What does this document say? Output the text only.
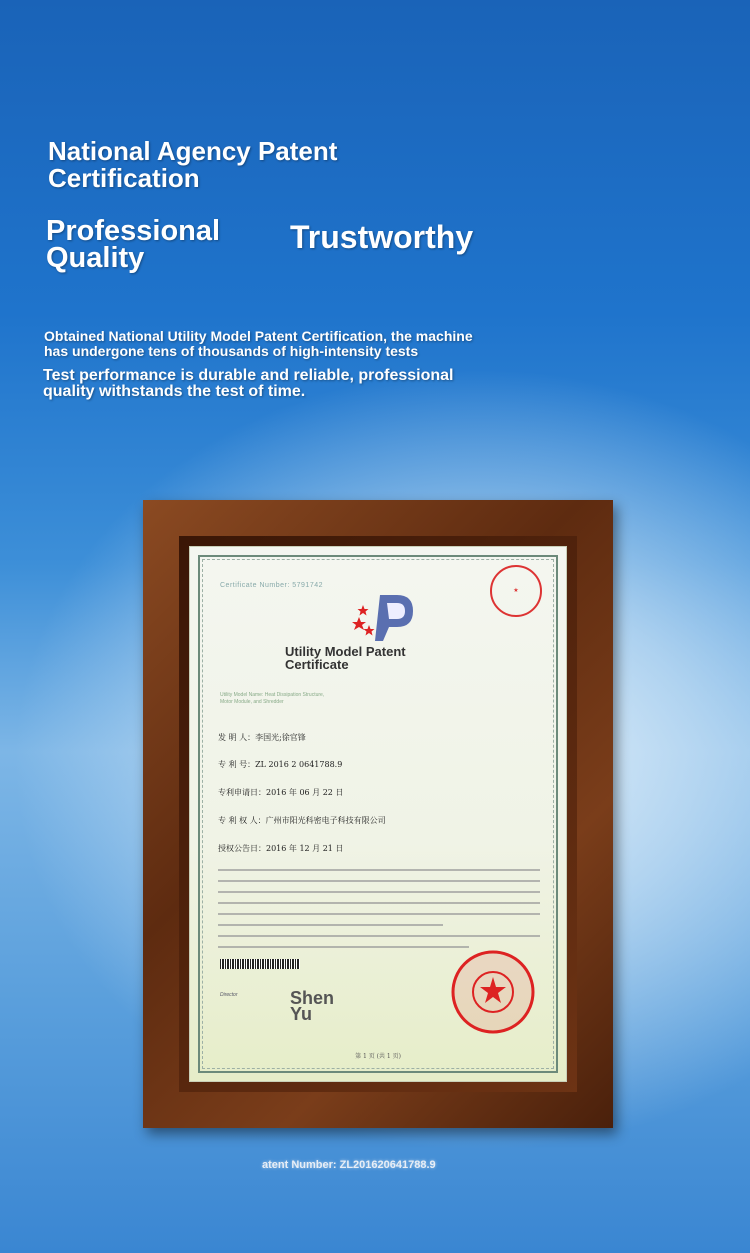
National Agency Patent
Certification
Professional
Quality
Trustworthy
Obtained National Utility Model Patent Certification, the machine
has undergone tens of thousands of high-intensity tests
Test performance is durable and reliable, professional
quality withstands the test of time.
Certificate Number: 5791742
★
Utility Model Patent
Certificate
Utility Model Name: Heat Dissipation Structure,
Motor Module, and Shredder
发 明 人：李国光;徐官锋
专 利 号：ZL 2016 2 0641788.9
专利申请日：2016 年 06 月 22 日
专 利 权 人：广州市阳光科密电子科技有限公司
授权公告日：2016 年 12 月 21 日
Director	Shen
Yu
第 1 页 (共 1 页)
atent Number: ZL201620641788.9
